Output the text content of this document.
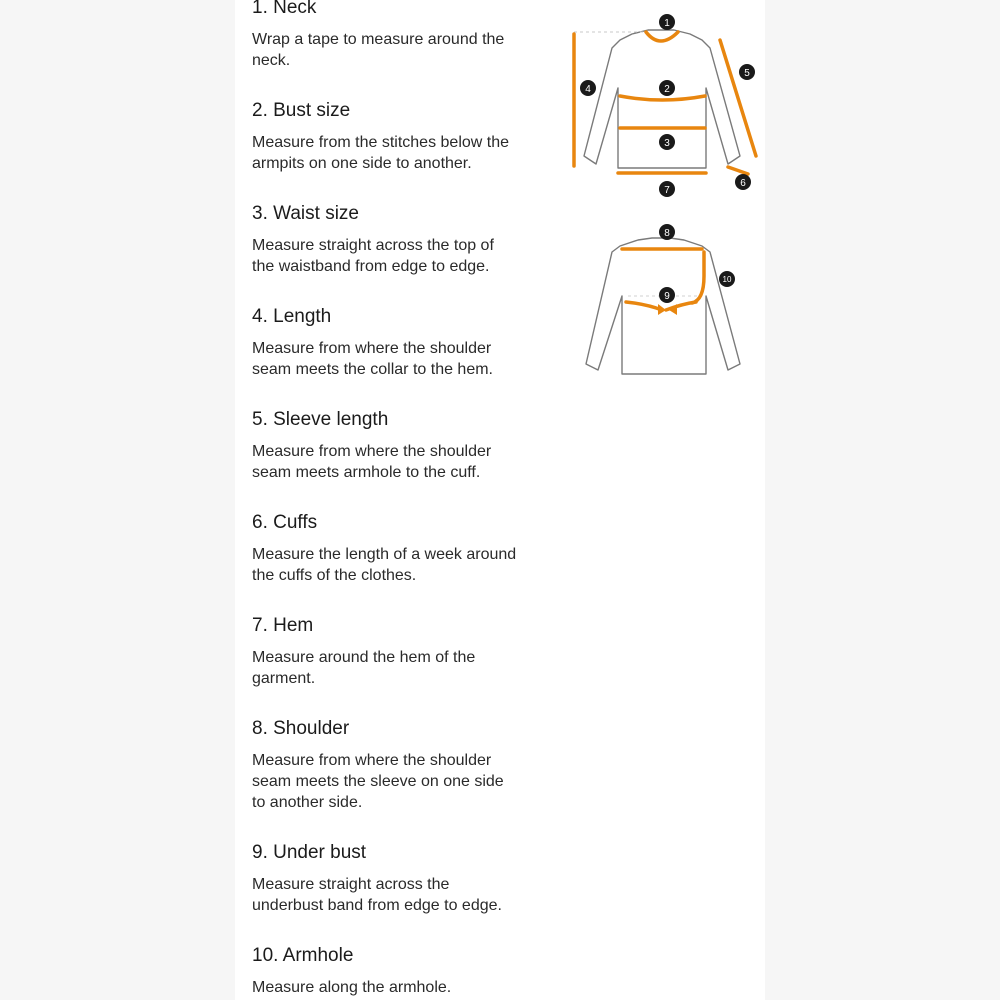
1. Neck

Wrap a tape to measure around the
neck.

2. Bust size

Measure from the stitches below the
armpits on one side to another.

3. Waist size

Measure straight across the top of
the waistband from edge to edge.

4. Length

Measure from where the shoulder
seam meets the collar to the hem.

5. Sleeve length

Measure from where the shoulder
seam meets armhole to the cuff.

6. Cuffs

Measure the length of a week around
the cuffs of the clothes.

7. Hem

Measure around the hem of the
garment.

8. Shoulder

Measure from where the shoulder
seam meets the sleeve on one side
to another side.

9. Under bust

Measure straight across the
underbust band from edge to edge.

10. Armhole

Measure along the armhole.

1
2
3
4
5
6
7
8
9
10
